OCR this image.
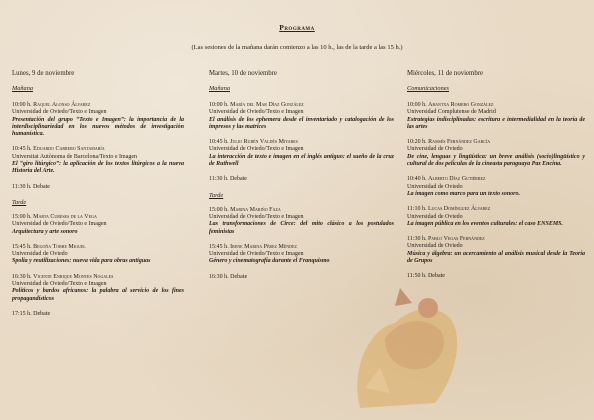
Programa
(Las sesiones de la mañana darán comienzo a las 10 h., las de la tarde a las 15 h.)

Lunes, 9 de noviembre

Mañana

10:00 h. Raquel Alonso Álvarez
Universidad de Oviedo/Texto e Imagen
Presentación del grupo “Texto e Imagen”: la importancia de la interdisciplinariedad en los nuevos métodos de investigación humanística.
10:45 h. Eduardo Carrero Santamaría
Universitat Autònoma de Barcelona/Texto e Imagen
El “giro litúrgico”: la aplicación de los textos litúrgicos a la nueva Historia del Arte.

11:30 h. Debate

Tarde

15:00 h. Marta Cureses de la Vega
Universidad de Oviedo/Texto e Imagen
Arquitectura y arte sonoro
15:45 h. Begoña Torre Miguel
Universidad de Oviedo
Spolia y reutilizaciones: nueva vida para obras antiguas
16:30 h. Vicente Enrique Montes Nogales
Universidad de Oviedo/Texto e Imagen
Políticos y bardos africanos: la palabra al servicio de los fines propagandísticos

17:15 h. Debate

Martes, 10 de noviembre

Mañana

10:00 h. María del Mar Díaz González
Universidad de Oviedo/Texto e Imagen
El análisis de los ephemera desde el inventariado y catalogación de los impresos y las matrices
10:45 h. Julio Rubén Valdés Miyares
Universidad de Oviedo/Texto e Imagen
La interacción de texto e imagen en el inglés antiguo: el sueño de la cruz de Ruthwell

11:30 h. Debate

Tarde

15:00 h. Marina Mariño Faza
Universidad de Oviedo/Texto e Imagen
Las transformaciones de Circe: del mito clásico a los postulados feministas
15:45 h. Irene Marina Pérez Méndez
Universidad de Oviedo/Texto e Imagen
Género y cinematografía durante el Franquismo

16:30 h. Debate

Miércoles, 11 de noviembre

Comunicaciones

10:00 h. Arantxa Romero González
Universidad Complutense de Madrid
Estrategias indisciplinadas: escritura e intermedialidad en la teoría de las artes
10:20 h. Ramsés Fernández García
Universidad de Oviedo
De cine, lenguas y lingüística: un breve análisis (socio)lingüístico y cultural de dos películas de la cineasta paraguaya Paz Encina.
10:40 h. Alberto Díaz Gutiérrez
Universidad de Oviedo
La imagen como marco para un texto sonoro.
11:10 h. Lucas Domínguez Álvarez
Universidad de Oviedo
La imagen pública en los eventos culturales: el caso ENSEMS.
11:30 h. Pablo Vegas Fernández
Universidad de Oviedo
Música y álgebra: un acercamiento al análisis musical desde la Teoría de Grupos

11:50 h. Debate
